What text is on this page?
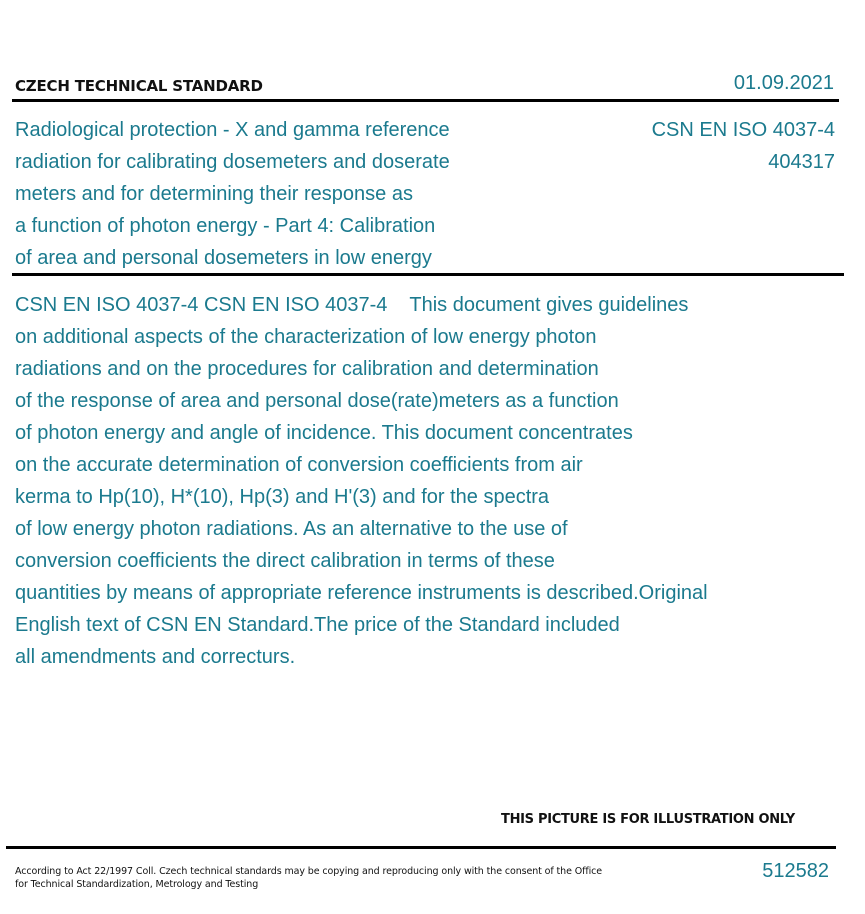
CZECH TECHNICAL STANDARD	01.09.2021
Radiological protection - X and gamma reference
radiation for calibrating dosemeters and doserate
meters and for determining their response as
a function of photon energy - Part 4: Calibration
of area and personal dosemeters in low energy
CSN EN ISO 4037-4
404317
CSN EN ISO 4037-4 CSN EN ISO 4037-4 This document gives guidelines
on additional aspects of the characterization of low energy photon
radiations and on the procedures for calibration and determination
of the response of area and personal dose(rate)meters as a function
of photon energy and angle of incidence. This document concentrates
on the accurate determination of conversion coefficients from air
kerma to Hp(10), H*(10), Hp(3) and H'(3) and for the spectra
of low energy photon radiations. As an alternative to the use of
conversion coefficients the direct calibration in terms of these
quantities by means of appropriate reference instruments is described.Original
English text of CSN EN Standard.The price of the Standard included
all amendments and correcturs.
THIS PICTURE IS FOR ILLUSTRATION ONLY
According to Act 22/1997 Coll. Czech technical standards may be copying and reproducing only with the consent of the Office
for Technical Standardization, Metrology and Testing
512582
